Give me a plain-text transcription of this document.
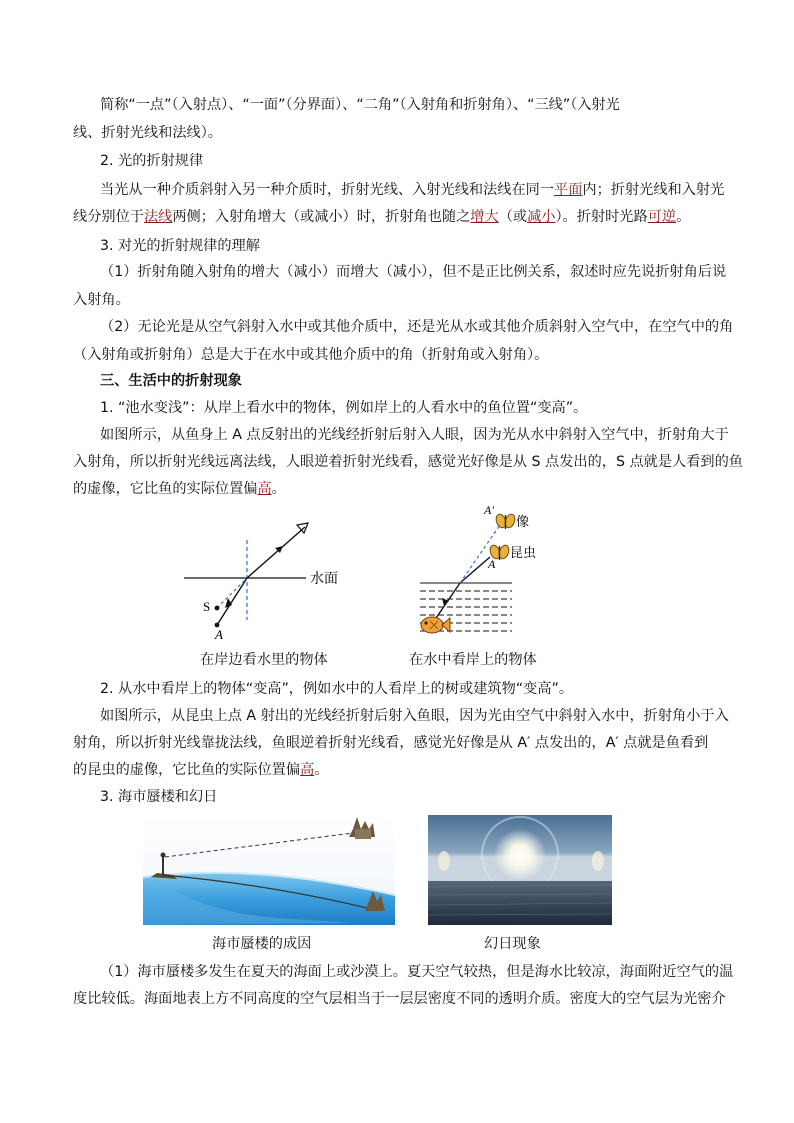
简称“一点”（入射点）、“一面”（分界面）、“二角”（入射角和折射角）、“三线”（入射光
线、折射光线和法线）。
2. 光的折射规律
当光从一种介质斜射入另一种介质时，折射光线、入射光线和法线在同一平面内；折射光线和入射光
线分别位于法线两侧；入射角增大（或减小）时，折射角也随之增大（或减小）。折射时光路可逆。
3. 对光的折射规律的理解
（1）折射角随入射角的增大（减小）而增大（减小），但不是正比例关系，叙述时应先说折射角后说
入射角。
（2）无论光是从空气斜射入水中或其他介质中，还是光从水或其他介质斜射入空气中，在空气中的角
（入射角或折射角）总是大于在水中或其他介质中的角（折射角或入射角）。
三、生活中的折射现象
1. “池水变浅”：从岸上看水中的物体，例如岸上的人看水中的鱼位置“变高”。
如图所示，从鱼身上 A 点反射出的光线经折射后射入人眼，因为光从水中斜射入空气中，折射角大于
入射角，所以折射光线远离法线，人眼逆着折射光线看，感觉光好像是从 S 点发出的，S 点就是人看到的鱼
的虚像，它比鱼的实际位置偏高。
S
A
水面
在岸边看水里的物体
A′
A
像
昆虫
在水中看岸上的物体
2. 从水中看岸上的物体“变高”，例如水中的人看岸上的树或建筑物“变高”。
如图所示，从昆虫上点 A 射出的光线经折射后射入鱼眼，因为光由空气中斜射入水中，折射角小于入
射角，所以折射光线靠拢法线，鱼眼逆着折射光线看，感觉光好像是从 A′ 点发出的，A′ 点就是鱼看到
的昆虫的虚像，它比鱼的实际位置偏高。
3. 海市蜃楼和幻日
海市蜃楼的成因	幻日现象
（1）海市蜃楼多发生在夏天的海面上或沙漠上。夏天空气较热，但是海水比较凉，海面附近空气的温
度比较低。海面地表上方不同高度的空气层相当于一层层密度不同的透明介质。密度大的空气层为光密介
